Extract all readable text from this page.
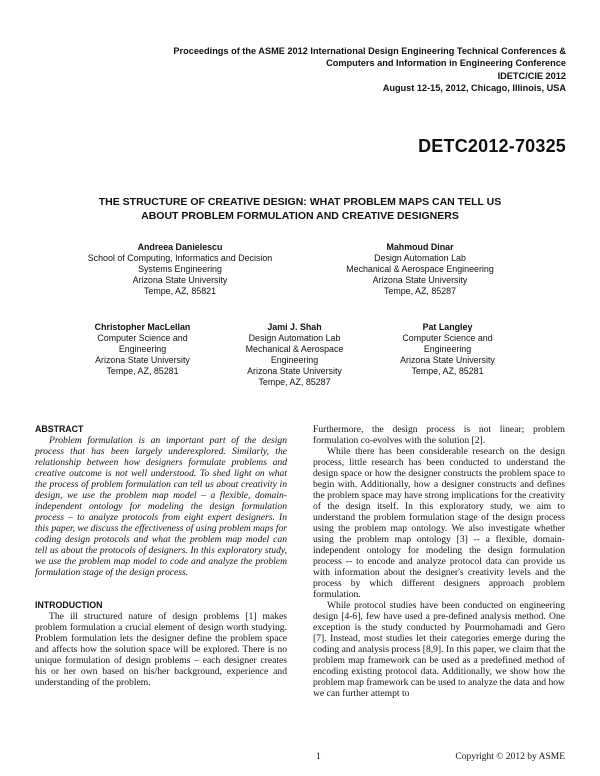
Proceedings of the ASME 2012 International Design Engineering Technical Conferences &
Computers and Information in Engineering Conference
IDETC/CIE 2012
August 12-15, 2012, Chicago, Illinois, USA
DETC2012-70325
THE STRUCTURE OF CREATIVE DESIGN: WHAT PROBLEM MAPS CAN TELL US
ABOUT PROBLEM FORMULATION AND CREATIVE DESIGNERS
Andreea Danielescu
School of Computing, Informatics and Decision
Systems Engineering
Arizona State University
Tempe, AZ, 85821
Mahmoud Dinar
Design Automation Lab
Mechanical & Aerospace Engineering
Arizona State University
Tempe, AZ, 85287
Christopher MacLellan
Computer Science and
Engineering
Arizona State University
Tempe, AZ, 85281
Jami J. Shah
Design Automation Lab
Mechanical & Aerospace
Engineering
Arizona State University
Tempe, AZ, 85287
Pat Langley
Computer Science and
Engineering
Arizona State University
Tempe, AZ, 85281
ABSTRACT

Problem formulation is an important part of the design process that has been largely underexplored. Similarly, the relationship between how designers formulate problems and creative outcome is not well understood. To shed light on what the process of problem formulation can tell us about creativity in design, we use the problem map model – a flexible, domain-independent ontology for modeling the design formulation process – to analyze protocols from eight expert designers. In this paper, we discuss the effectiveness of using problem maps for coding design protocols and what the problem map model can tell us about the protocols of designers. In this exploratory study, we use the problem map model to code and analyze the problem formulation stage of the design process.

INTRODUCTION

The ill structured nature of design problems [1] makes problem formulation a crucial element of design worth studying. Problem formulation lets the designer define the problem space and affects how the solution space will be explored. There is no unique formulation of design problems – each designer creates his or her own based on his/her background, experience and understanding of the problem.

Furthermore, the design process is not linear; problem formulation co-evolves with the solution [2].

While there has been considerable research on the design process, little research has been conducted to understand the design space or how the designer constructs the problem space to begin with. Additionally, how a designer constructs and defines the problem space may have strong implications for the creativity of the design itself. In this exploratory study, we aim to understand the problem formulation stage of the design process using the problem map ontology. We also investigate whether using the problem map ontology [3] -- a flexible, domain-independent ontology for modeling the design formulation process -- to encode and analyze protocol data can provide us with information about the designer's creativity levels and the process by which different designers approach problem formulation.

While protocol studies have been conducted on engineering design [4-6], few have used a pre-defined analysis method. One exception is the study conducted by Pourmohamadi and Gero [7]. Instead, most studies let their categories emerge during the coding and analysis process [8,9]. In this paper, we claim that the problem map framework can be used as a predefined method of encoding existing protocol data. Additionally, we show how the problem map framework can be used to analyze the data and how we can further attempt to

1	Copyright © 2012 by ASME
